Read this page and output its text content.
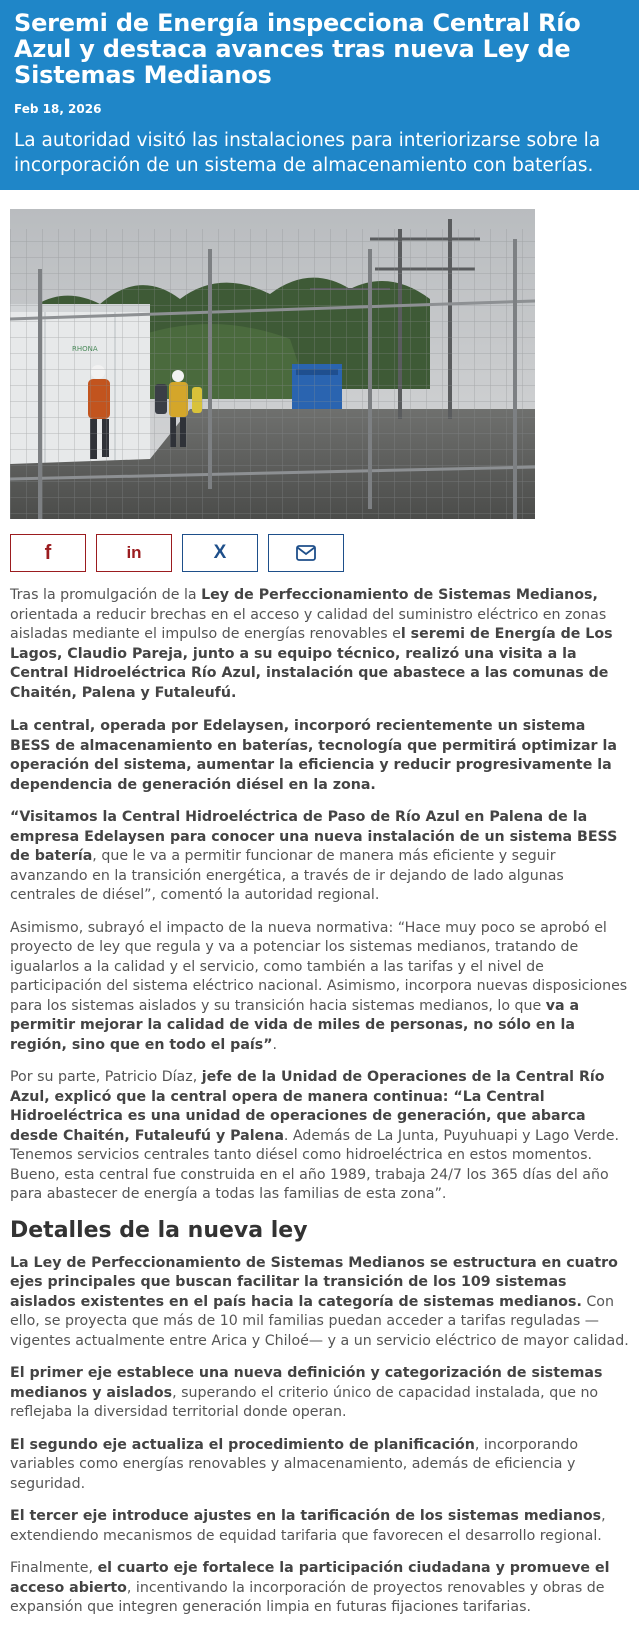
Seremi de Energía inspecciona Central Río Azul y destaca avances tras nueva Ley de Sistemas Medianos
Feb 18, 2026
La autoridad visitó las instalaciones para interiorizarse sobre la incorporación de un sistema de almacenamiento con baterías.
f	in	X

Tras la promulgación de la Ley de Perfeccionamiento de Sistemas Medianos, orientada a reducir brechas en el acceso y calidad del suministro eléctrico en zonas aisladas mediante el impulso de energías renovables el seremi de Energía de Los Lagos, Claudio Pareja, junto a su equipo técnico, realizó una visita a la Central Hidroeléctrica Río Azul, instalación que abastece a las comunas de Chaitén, Palena y Futaleufú.

La central, operada por Edelaysen, incorporó recientemente un sistema BESS de almacenamiento en baterías, tecnología que permitirá optimizar la operación del sistema, aumentar la eficiencia y reducir progresivamente la dependencia de generación diésel en la zona.

“Visitamos la Central Hidroeléctrica de Paso de Río Azul en Palena de la empresa Edelaysen para conocer una nueva instalación de un sistema BESS de batería, que le va a permitir funcionar de manera más eficiente y seguir avanzando en la transición energética, a través de ir dejando de lado algunas centrales de diésel”, comentó la autoridad regional.

Asimismo, subrayó el impacto de la nueva normativa: “Hace muy poco se aprobó el proyecto de ley que regula y va a potenciar los sistemas medianos, tratando de igualarlos a la calidad y el servicio, como también a las tarifas y el nivel de participación del sistema eléctrico nacional. Asimismo, incorpora nuevas disposiciones para los sistemas aislados y su transición hacia sistemas medianos, lo que va a permitir mejorar la calidad de vida de miles de personas, no sólo en la región, sino que en todo el país”.

Por su parte, Patricio Díaz, jefe de la Unidad de Operaciones de la Central Río Azul, explicó que la central opera de manera continua: “La Central Hidroeléctrica es una unidad de operaciones de generación, que abarca desde Chaitén, Futaleufú y Palena. Además de La Junta, Puyuhuapi y Lago Verde. Tenemos servicios centrales tanto diésel como hidroeléctrica en estos momentos. Bueno, esta central fue construida en el año 1989, trabaja 24/7 los 365 días del año para abastecer de energía a todas las familias de esta zona”.

Detalles de la nueva ley

La Ley de Perfeccionamiento de Sistemas Medianos se estructura en cuatro ejes principales que buscan facilitar la transición de los 109 sistemas aislados existentes en el país hacia la categoría de sistemas medianos. Con ello, se proyecta que más de 10 mil familias puedan acceder a tarifas reguladas —vigentes actualmente entre Arica y Chiloé— y a un servicio eléctrico de mayor calidad.

El primer eje establece una nueva definición y categorización de sistemas medianos y aislados, superando el criterio único de capacidad instalada, que no reflejaba la diversidad territorial donde operan.

El segundo eje actualiza el procedimiento de planificación, incorporando variables como energías renovables y almacenamiento, además de eficiencia y seguridad.

El tercer eje introduce ajustes en la tarificación de los sistemas medianos, extendiendo mecanismos de equidad tarifaria que favorecen el desarrollo regional.

Finalmente, el cuarto eje fortalece la participación ciudadana y promueve el acceso abierto, incentivando la incorporación de proyectos renovables y obras de expansión que integren generación limpia en futuras fijaciones tarifarias.
